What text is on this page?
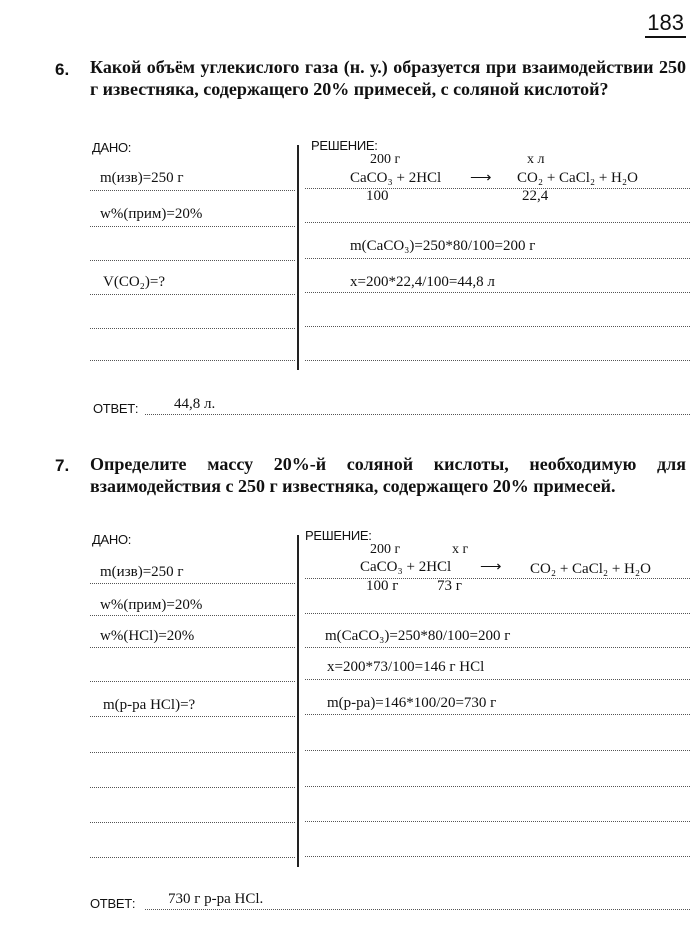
183
6. Какой объём углекислого газа (н. у.) образуется при взаимодействии 250 г известняка, содержащего 20% примесей, с соляной кислотой?
ДАНО:
m(изв)=250 г
w%(прим)=20%
V(CO₂)=?
РЕШЕНИЕ:
200 г	х л
CaCO₃ + 2HCl ⟶ CO₂ + CaCl₂ + H₂O
100	22,4
m(CaCO₃)=250*80/100=200 г
x=200*22,4/100=44,8 л
ОТВЕТ: 44,8 л.
7. Определите массу 20%-й соляной кислоты, необходимую для взаимодействия с 250 г известняка, содержащего 20% примесей.
ДАНО:
m(изв)=250 г
w%(прим)=20%
w%(HCl)=20%
m(р-ра HCl)=?
РЕШЕНИЕ:
200 г	х г
CaCO₃ + 2HCl ⟶ CO₂ + CaCl₂ + H₂O
100 г	73 г
m(CaCO₃)=250*80/100=200 г
x=200*73/100=146 г HCl
m(р-ра)=146*100/20=730 г
ОТВЕТ: 730 г р-ра HCl.
